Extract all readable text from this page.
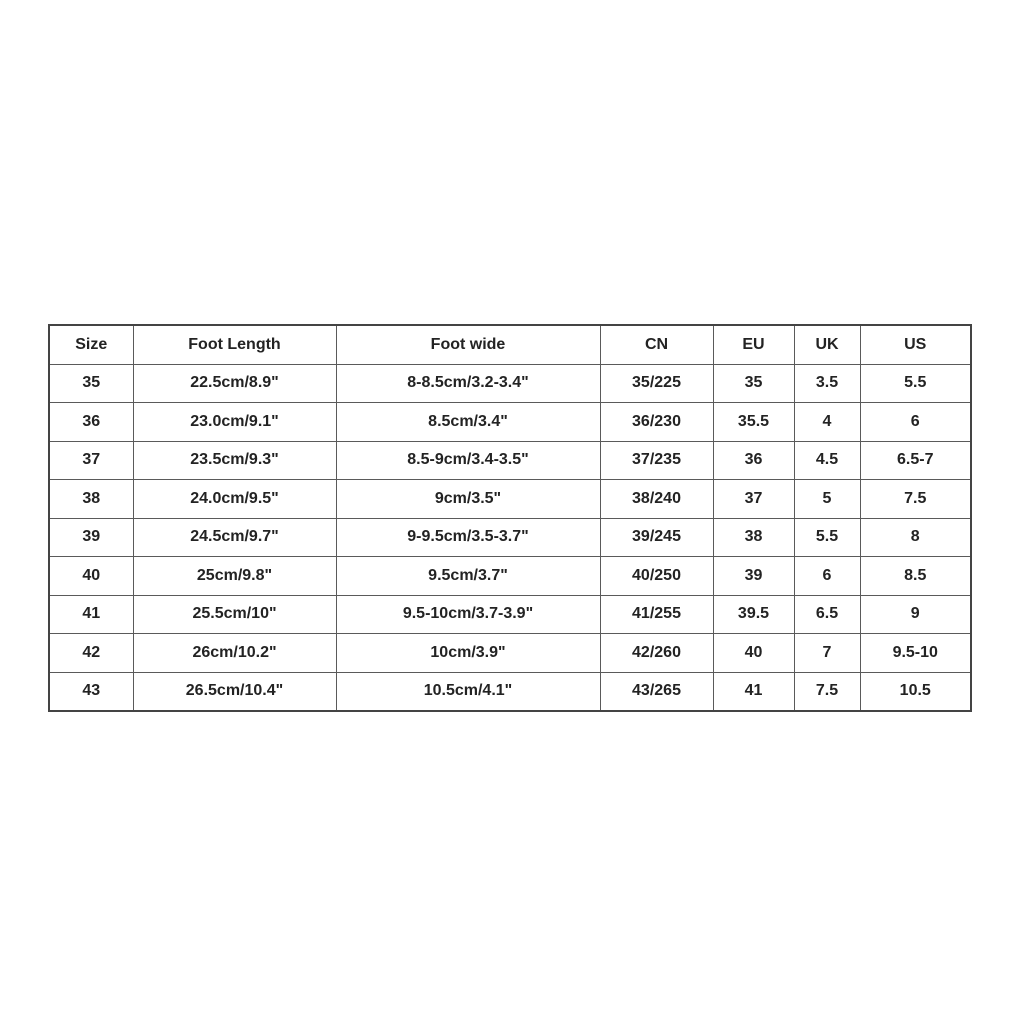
Size	Foot Length	Foot wide	CN	EU	UK	US
35	22.5cm/8.9"	8-8.5cm/3.2-3.4"	35/225	35	3.5	5.5
36	23.0cm/9.1"	8.5cm/3.4"	36/230	35.5	4	6
37	23.5cm/9.3"	8.5-9cm/3.4-3.5"	37/235	36	4.5	6.5-7
38	24.0cm/9.5"	9cm/3.5"	38/240	37	5	7.5
39	24.5cm/9.7"	9-9.5cm/3.5-3.7"	39/245	38	5.5	8
40	25cm/9.8"	9.5cm/3.7"	40/250	39	6	8.5
41	25.5cm/10"	9.5-10cm/3.7-3.9"	41/255	39.5	6.5	9
42	26cm/10.2"	10cm/3.9"	42/260	40	7	9.5-10
43	26.5cm/10.4"	10.5cm/4.1"	43/265	41	7.5	10.5
